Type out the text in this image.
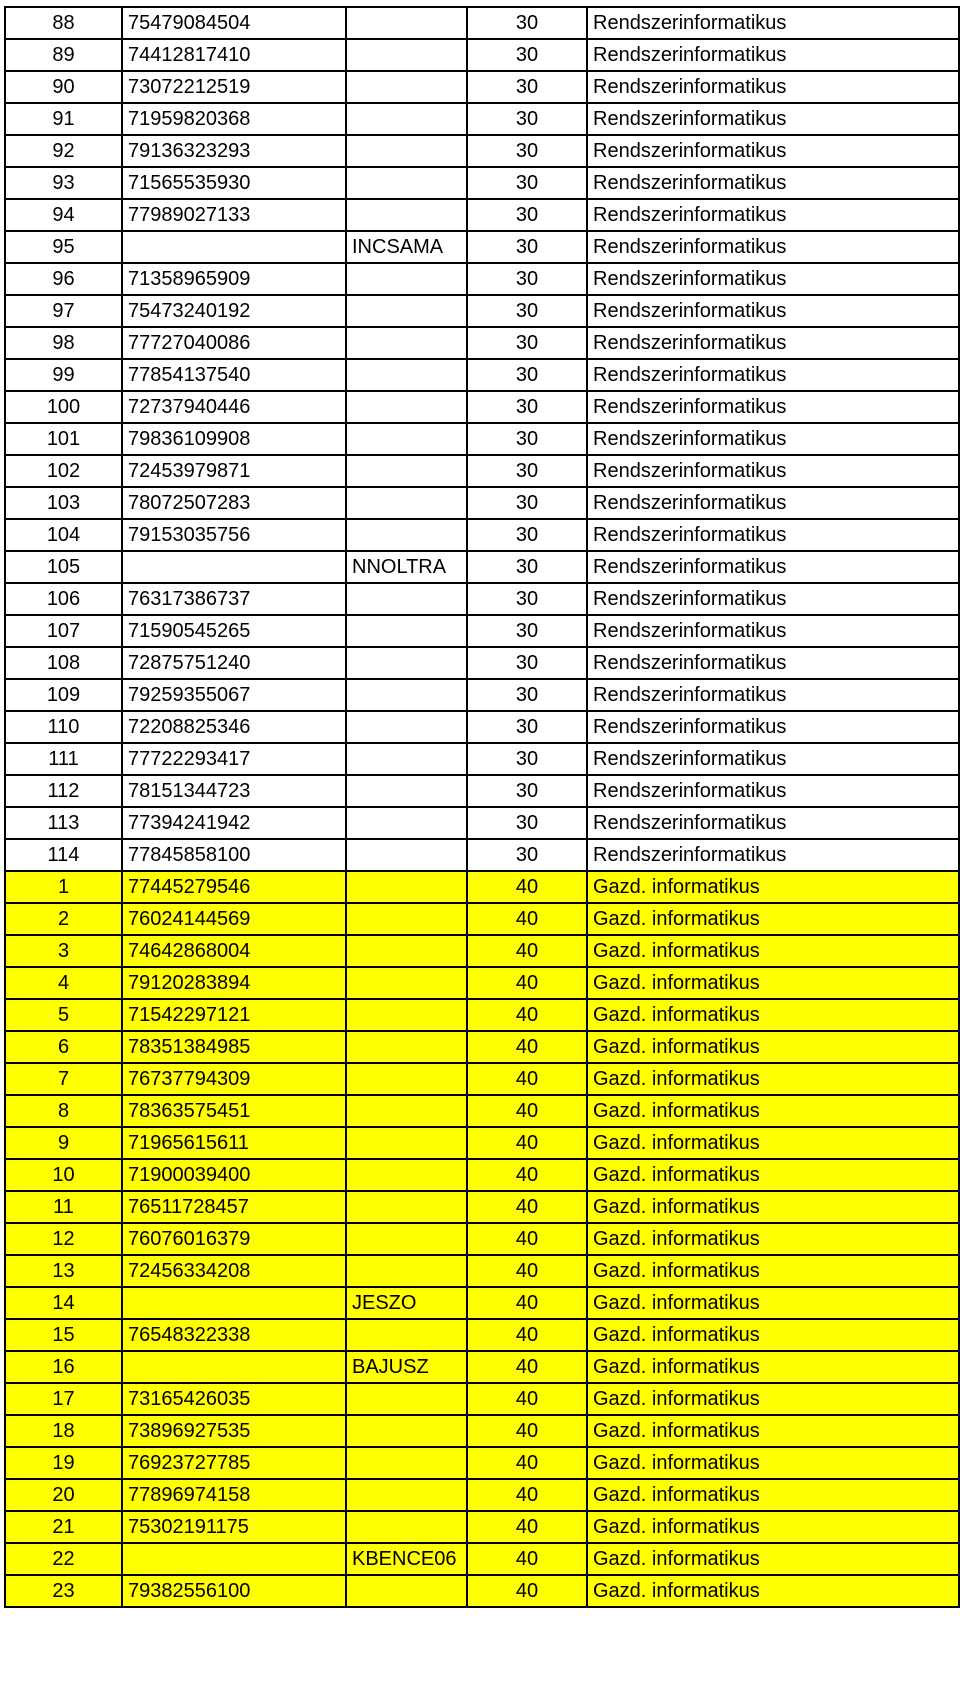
88	75479084504		30	Rendszerinformatikus
89	74412817410		30	Rendszerinformatikus
90	73072212519		30	Rendszerinformatikus
91	71959820368		30	Rendszerinformatikus
92	79136323293		30	Rendszerinformatikus
93	71565535930		30	Rendszerinformatikus
94	77989027133		30	Rendszerinformatikus
95		INCSAMA	30	Rendszerinformatikus
96	71358965909		30	Rendszerinformatikus
97	75473240192		30	Rendszerinformatikus
98	77727040086		30	Rendszerinformatikus
99	77854137540		30	Rendszerinformatikus
100	72737940446		30	Rendszerinformatikus
101	79836109908		30	Rendszerinformatikus
102	72453979871		30	Rendszerinformatikus
103	78072507283		30	Rendszerinformatikus
104	79153035756		30	Rendszerinformatikus
105		NNOLTRA	30	Rendszerinformatikus
106	76317386737		30	Rendszerinformatikus
107	71590545265		30	Rendszerinformatikus
108	72875751240		30	Rendszerinformatikus
109	79259355067		30	Rendszerinformatikus
110	72208825346		30	Rendszerinformatikus
111	77722293417		30	Rendszerinformatikus
112	78151344723		30	Rendszerinformatikus
113	77394241942		30	Rendszerinformatikus
114	77845858100		30	Rendszerinformatikus
1	77445279546		40	Gazd. informatikus
2	76024144569		40	Gazd. informatikus
3	74642868004		40	Gazd. informatikus
4	79120283894		40	Gazd. informatikus
5	71542297121		40	Gazd. informatikus
6	78351384985		40	Gazd. informatikus
7	76737794309		40	Gazd. informatikus
8	78363575451		40	Gazd. informatikus
9	71965615611		40	Gazd. informatikus
10	71900039400		40	Gazd. informatikus
11	76511728457		40	Gazd. informatikus
12	76076016379		40	Gazd. informatikus
13	72456334208		40	Gazd. informatikus
14		JESZO	40	Gazd. informatikus
15	76548322338		40	Gazd. informatikus
16		BAJUSZ	40	Gazd. informatikus
17	73165426035		40	Gazd. informatikus
18	73896927535		40	Gazd. informatikus
19	76923727785		40	Gazd. informatikus
20	77896974158		40	Gazd. informatikus
21	75302191175		40	Gazd. informatikus
22		KBENCE06	40	Gazd. informatikus
23	79382556100		40	Gazd. informatikus
